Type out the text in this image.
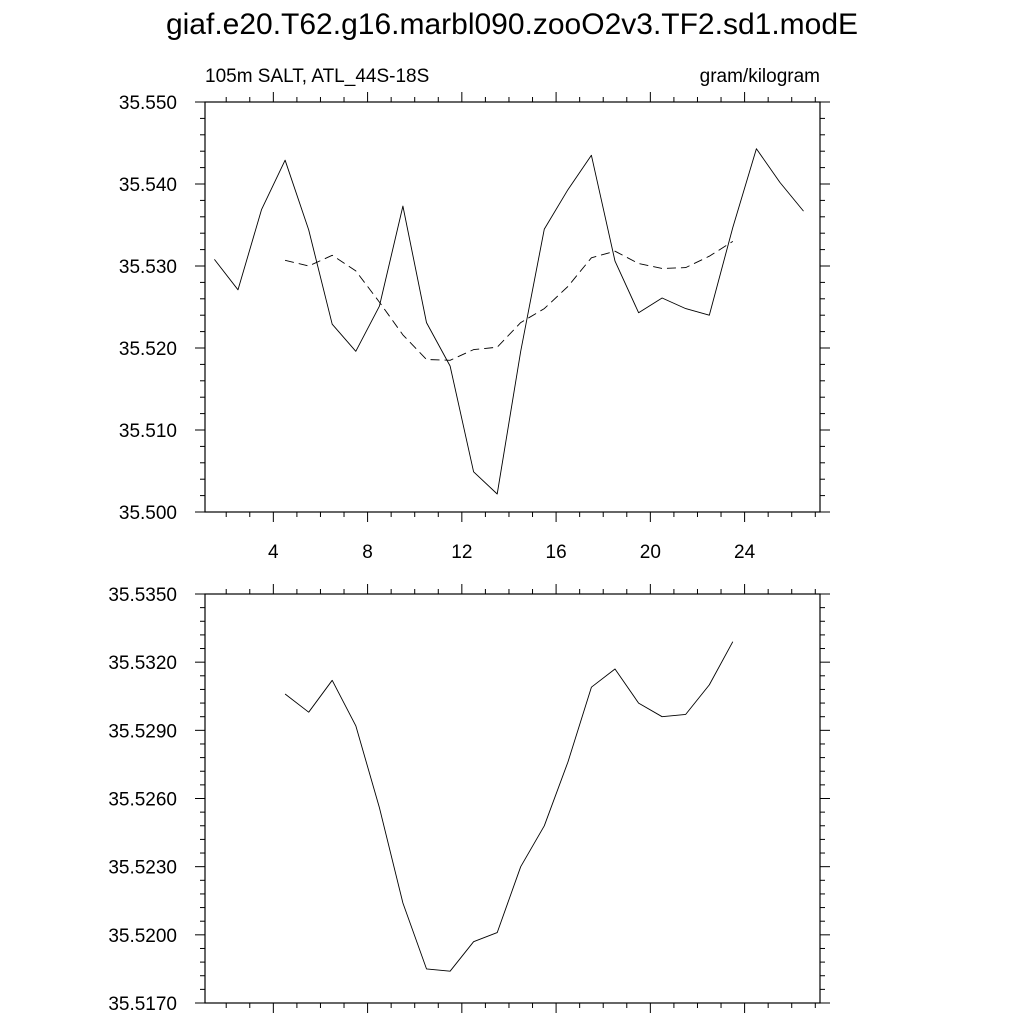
giaf.e20.T62.g16.marbl090.zooO2v3.TF2.sd1.modE
105m SALT, ATL_44S-18S	gram/kilogram
4	8	12	16	20	24
35.500
35.510
35.520
35.530
35.540
35.550
35.5170
35.5200
35.5230
35.5260
35.5290
35.5320
35.5350
